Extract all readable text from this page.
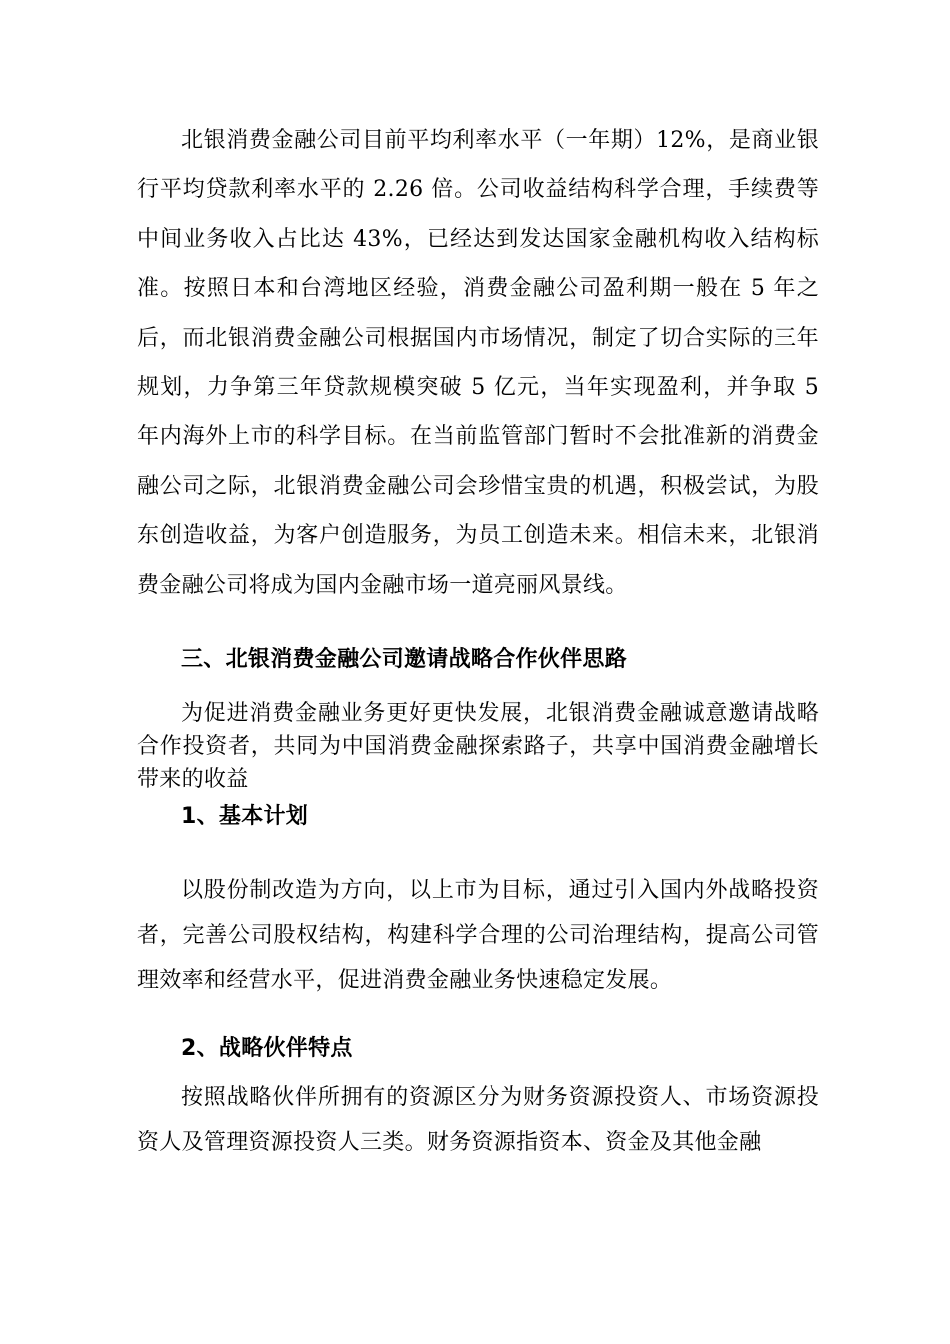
北银消费金融公司目前平均利率水平（一年期）12%，是商业银行平均贷款利率水平的 2.26 倍。公司收益结构科学合理，手续费等中间业务收入占比达 43%，已经达到发达国家金融机构收入结构标准。按照日本和台湾地区经验，消费金融公司盈利期一般在 5 年之后，而北银消费金融公司根据国内市场情况，制定了切合实际的三年规划，力争第三年贷款规模突破 5 亿元，当年实现盈利，并争取 5 年内海外上市的科学目标。在当前监管部门暂时不会批准新的消费金融公司之际，北银消费金融公司会珍惜宝贵的机遇，积极尝试，为股东创造收益，为客户创造服务，为员工创造未来。相信未来，北银消费金融公司将成为国内金融市场一道亮丽风景线。

三、北银消费金融公司邀请战略合作伙伴思路

为促进消费金融业务更好更快发展，北银消费金融诚意邀请战略合作投资者，共同为中国消费金融探索路子，共享中国消费金融增长带来的收益

1、基本计划

以股份制改造为方向，以上市为目标，通过引入国内外战略投资者，完善公司股权结构，构建科学合理的公司治理结构，提高公司管理效率和经营水平，促进消费金融业务快速稳定发展。

2、战略伙伴特点

按照战略伙伴所拥有的资源区分为财务资源投资人、市场资源投资人及管理资源投资人三类。财务资源指资本、资金及其他金融
